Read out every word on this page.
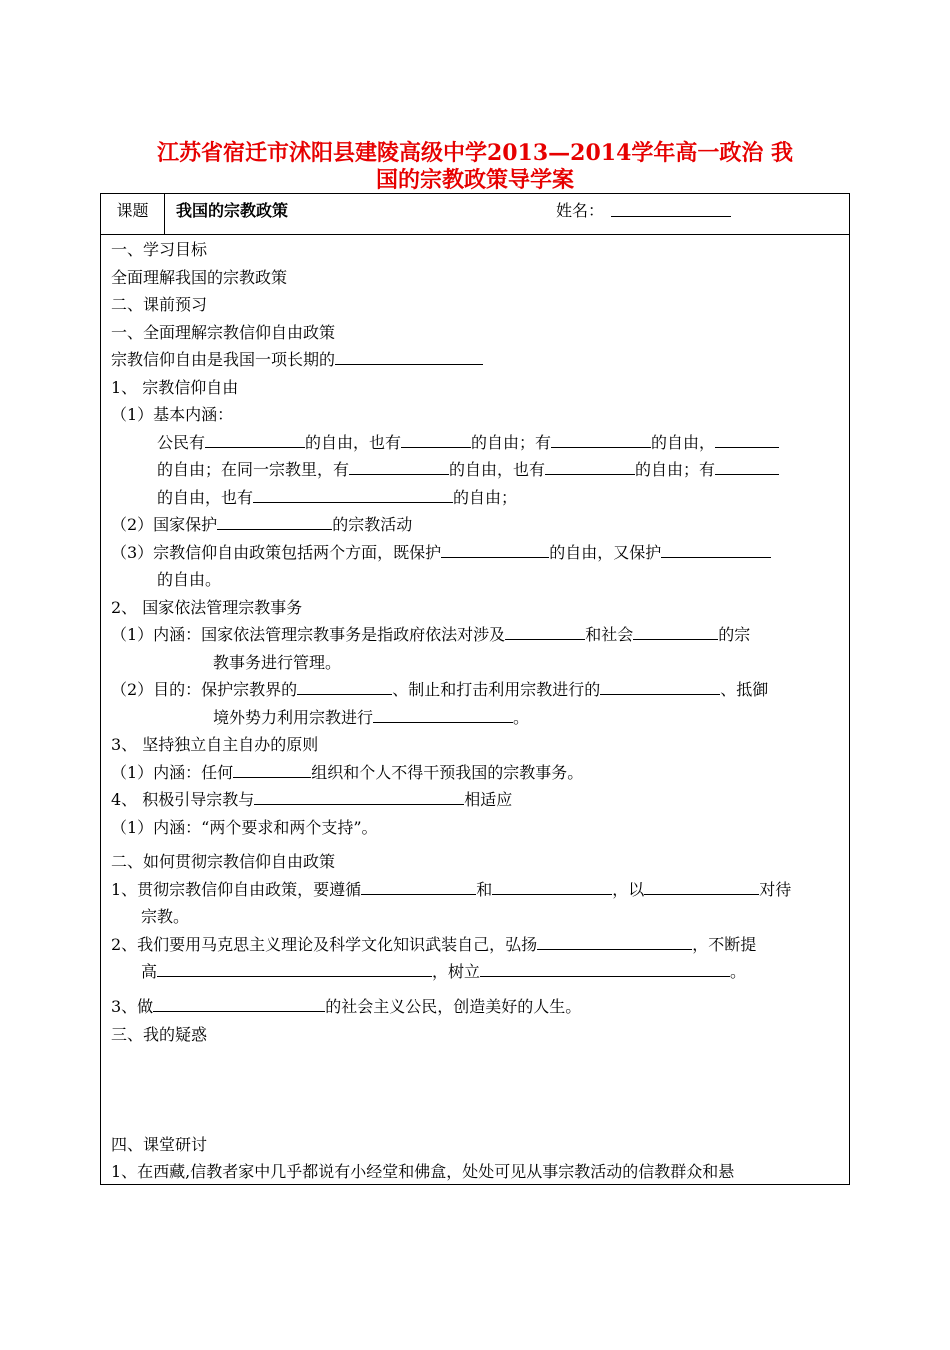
江苏省宿迁市沭阳县建陵高级中学2013—2014学年高一政治 我
国的宗教政策导学案
课题	我国的宗教政策	姓名：
一、学习目标
全面理解我国的宗教政策
二、课前预习
一、全面理解宗教信仰自由政策
宗教信仰自由是我国一项长期的
1、 宗教信仰自由
（1）基本内涵：
公民有	的自由，也有	的自由；有	的自由，
的自由；在同一宗教里，有	的自由，也有	的自由；有
的自由，也有	的自由；
（2）国家保护	的宗教活动
（3）宗教信仰自由政策包括两个方面，既保护	的自由，又保护
的自由。
2、 国家依法管理宗教事务
（1）内涵：国家依法管理宗教事务是指政府依法对涉及	和社会	的宗
教事务进行管理。
（2）目的：保护宗教界的	、制止和打击利用宗教进行的	、抵御
境外势力利用宗教进行	。
3、 坚持独立自主自办的原则
（1）内涵：任何	组织和个人不得干预我国的宗教事务。
4、 积极引导宗教与	相适应
（1）内涵：“两个要求和两个支持”。
二、如何贯彻宗教信仰自由政策
1、贯彻宗教信仰自由政策，要遵循	和	，以	对待
宗教。
2、我们要用马克思主义理论及科学文化知识武装自己，弘扬	，不断提
高	，树立	。
3、做	的社会主义公民，创造美好的人生。
三、我的疑惑
四、课堂研讨
1、在西藏,信教者家中几乎都说有小经堂和佛盒，处处可见从事宗教活动的信教群众和悬
